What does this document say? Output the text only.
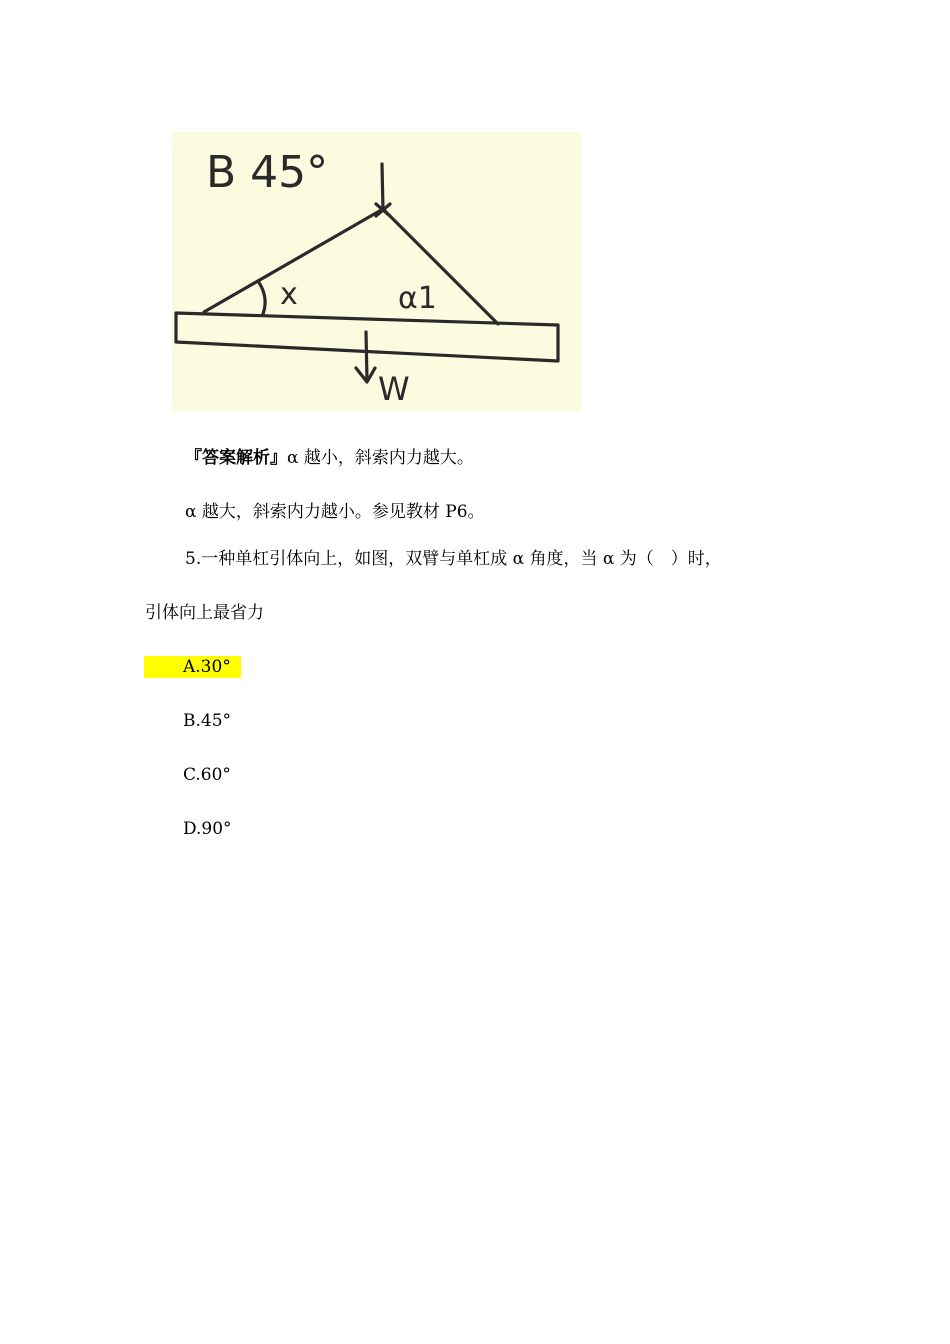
B 45°
x	α1
W
『答案解析』α 越小，斜索内力越大。
α 越大，斜索内力越小。参见教材 P6。
5.一种单杠引体向上，如图，双臂与单杠成 α 角度，当 α 为（　）时，
引体向上最省力
A.30°
B.45°
C.60°
D.90°
